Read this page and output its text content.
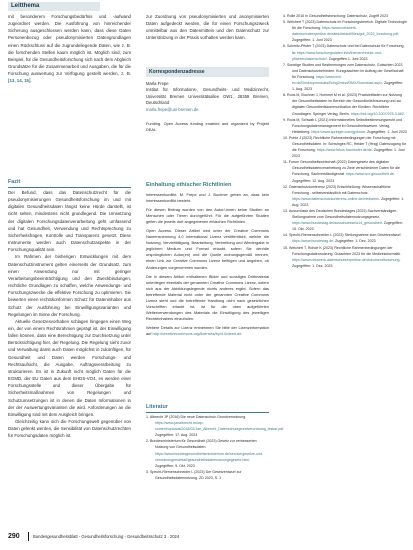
Leitthema

mit besonderem Forschungsbedürfnis und -aufwand zugeordnet werden. Die Ausführung von hinreichender Sicherung ausgeschlossen werden kann, dass diese Daten Personenbezug oder pseudonymisierten Datengrundlagen einen Rückschluss auf die zugrundeliegende Daten, wie z. B. die forschenden Stellen kaum möglich ist. Möglich sind, zum Beispiel, für die Gesundheitsforschung sich nach dem Abgleich Grundsätze für die Zusammenarbeit und Ausgaben, die für die Forschung auswertung zur Verfügung gestellt werden, z. B. [13, 14, 15].

Fazit

Der Befund, dass das Datenschutzrecht für die pseudonymisierungen Gesundheitsforschung im und mit digitalen Gesundheitsdaten längst keine Hürde darstellt, ist nicht selten, mindestens nicht grundlegend. Die Umsetzung der digitalen Forschungsdatenverarbeitung geht umfassend und hat Gesundheit, Verwendung und Rechtsprechung zu Sicherheitsfragen, Kontrolle und Transparenz gesetzt. Diese Instrumente werden auch Datenschutzaspekte in der Forschungsqualität sein.

Im Rahmen der bisherigen Entwicklungen mit dem Datenschutzinstrument gelten einerseits der Grundsatz, zum einen Anwendung nur mit geringer Verarbeitungsbeeinträchtigung und den Zweckbindungen, rechtliche Grundlagen zu schaffen, welche Anwendungs- und Forschungszwecke die effektive Forschung zu optimieren. Sie bewerten einen rechtskonformen Schutz für Dateninhaber aus Schutz der Ausführung bei Einwilligungsvarianten und Regelungen im Sinne der Forschung.

Aktuelle Gesetzesvorhaben schlagen hingegen einen Weg ein, der von einem Rechtsrahmen geprägt ist, der Einwilligung fallen können, dass eine Berechtigung zur Durchsetzung unter Berücksichtigung hier, der Regelung. Die Regelung sieht zuvor und Verwaltung damit auch Daten möglichst in zukünftigen, für Gesundheit und Daten werden Forschungs- und Rechtsaufsicht, die Ausgabe, Auftragsverarbeitung zu strukturieren. Es ist in Zukunft nicht möglich Daten für die EGMD, der EU Daten aus dem EHDS-VO4, es werden einer Forschungsstelle und dieser Übergabe für Sicherheitsmaßnahmen von Regelungen und Schutzumsetzungen ist in denen die Daten Informationen in der der Auswertungsvarianten die wird. Anforderungen an die Einwilligung sind mit dem Ausgleich bringen.

Gleichzeitig kann sich die Forschungswelt gegenüber von Daten gelenkt werden, die Sensibilität von Datenschutzrechten für Forschungsdaten möglich ist.

zur Zuordnung von pseudonymisierten und anonymisierten Daten aufgedeckt werden, die für einen Forschungszweck unmittelbar aus den Datenmittein und den Datenschutz zur Unterstützung in der Praxis vorhalten werden kann.

Korrespondenzadresse

Marla Frepe

Institut für Informations-, Gesundheits- und Medizinrecht, Universität Bremen Universitätsallee GW1, 28359 Bremen, Deutschland

marla.frepe@uni-bremen.de

Funding. Open Access funding enabled and organized by Projekt DEAL.

Einhaltung ethischer Richtlinien

Interessenkonflikt. M. Frepe und J. Buchner geben an, dass kein Interessenkonflikt besteht.

Für diesen Beitrag wurden von den Autor/-innen keine Studien an Menschen oder Tieren durchgeführt. Für die aufgeführten Studien gelten die jeweils dort angegebenen ethischen Richtlinien.

Open Access. Dieser Artikel wird unter der Creative Commons Namensnennung 4.0 International Lizenz veröffentlicht, welche die Nutzung, Vervielfältigung, Bearbeitung, Verbreitung und Wiedergabe in jeglichem Medium und Format erlaubt, sofern Sie den/die ursprünglichen Autor(en) und die Quelle ordnungsgemäß nennen, einen Link zur Creative Commons Lizenz beifügen und angeben, ob Änderungen vorgenommen wurden.

Die in diesem Artikel enthaltenen Bilder und sonstiges Drittmaterial unterliegen ebenfalls der genannten Creative Commons Lizenz, sofern sich aus der Abbildungslegende nichts anderes ergibt. Sofern das betreffende Material nicht unter der genannten Creative Commons Lizenz steht und die betreffende Handlung nicht nach gesetzlichen Vorschriften erlaubt ist, ist für die oben aufgeführten Weiterverwendungen des Materials die Einwilligung des jeweiligen Rechteinhabers einzuholen.

Weitere Details zur Lizenz entnehmen Sie bitte der Lizenzinformation auf http://creativecommons.org/licenses/by/4.0/deed.de.

Literatur

1. Albrecht JP (2016) Die neue Datenschutz-Grundverordnung. https://www.janalbrecht.eu/wp-content/uploads/2018/02/Jan_Albrecht_Datenschutzgrundverordnung_lesbar.pdf. Zugegriffen: 17. Aug. 2023

2. Bundesministerium für Gesundheit (2023) Gesetz zur verbesserten Nutzung von Gesundheitsdaten. https://www.bundesgesundheitsministerium.de/service/gesetze-und-verordnungen/detail/gesundheitsdatennutzungsgesetz.html. Zugegriffen: 9. Okt. 2023

3. Specht-Riemenschneider L (2023) Der Gesetzentwurf zur Gesundheitsdatennutzung. ZD 2023, S. 1

4. Rolle 2016 in Gesundheitsforschung: Datenschutz, Zugriff 2023

5. Weichert T (2023) Datenschutz im Forschungsbereich. Digitale Technologie für die Forschung. https://www.netzwerk-datenschutzexpertise.de/sites/default/files/gut_2023_forschung.pdf. Zugegriffen: 1. Juni 2023

6. Schmitz-Pfister T (2023) Datenschutz und bei Datenschutz für Forschung, in: https://www.forschungsdaten.info/themen/rechte-und-pflichten/datenschutz/. Zugegriffen 1. Juni 2023

7. Sonstige Studien und Bestimmungen zum Datenschutz, Gutachten 2023 und Datenschutzbehörden. Kurzgutachten im Auftrag der Gesellschaft für Forschung. https://www.tmf-ev.de/Desktopmodules/Bring2mind/DMX/Download.aspx. Zugegriffen: 1. Aug. 2023

8. Roos M, Buchner J, Hummel M et al. (2023) Praxisleitfaden zur Nutzung der Gesundheitsdaten im Bereich der Gesundheitsforschung und zur digitalen Gesundheitskommunikation der Kliniken. Rechtliche Grundlagen. Springer Verlag, Berlin. https://doi.org/10.1007/978-3-662-

9. Roos M, Schwab L (2021) Informationelles Selbstbestimmungsrecht und Forschungsdatenmanagement im Gesundheitswesen. Verlag, Heidelberg. https://www.springer.com/gp/book. Zugegriffen: 1. Juni 2023

10. Pohle J (2023) Rechtliche Rahmenbedingungen der Forschung mit Gesundheitsdaten. In: Schwinges RC, Helder T (Hrsg) Datenzugang für die Forschung. https://www.fokus.fraunhofer.de/de. Zugegriffen: 1. Juni 2023

11. Forum Gesundheitswirtschaft (2022) Datengesetz des digitalen Gesundheitsdatenverarbeitung zu Ziele verschiedener Daten für die Forschung, Sachverständigenrat. https://www.svr-gesundheit.de. Zugegriffen: 12. Aug. 2023

12. Datenschutzkonferenz (2023) Entschließung: Wissenschaftliche Forschung - selbstverständlich mit Datenschutz. https://www.datenschutzkonferenz-online.de/media/en/. Zugegriffen: 1. Aug. 2023

13. Ausschüsse des Deutschen Bundestages (2023) Sachverständigen-Stellungnahme zum Gesundheitsdatennutzungsgesetz. https://www.bundestag.de/ausschuesse/a14_gesundheit. Zugegriffen: 15. Okt. 2023

14. Specht-Riemenschneider L (2023) Stellungnahme zum Gesetzentwurf. https://www.bundestag.de. Zugegriffen: 1. Dez. 2023

15. Weichert T, Rohde K (2023) Rechtliche Rahmenbedingungen der Forschungsdatennutzung. Gutachten 2023 für die Medizininformatik. https://www.netzwerk-datenschutzexpertise.de/dokument/forschung. Zugegriffen: 1. Dez. 2023

290	Bundesgesundheitsblatt - Gesundheitsforschung - Gesundheitsschutz 3 · 2024
